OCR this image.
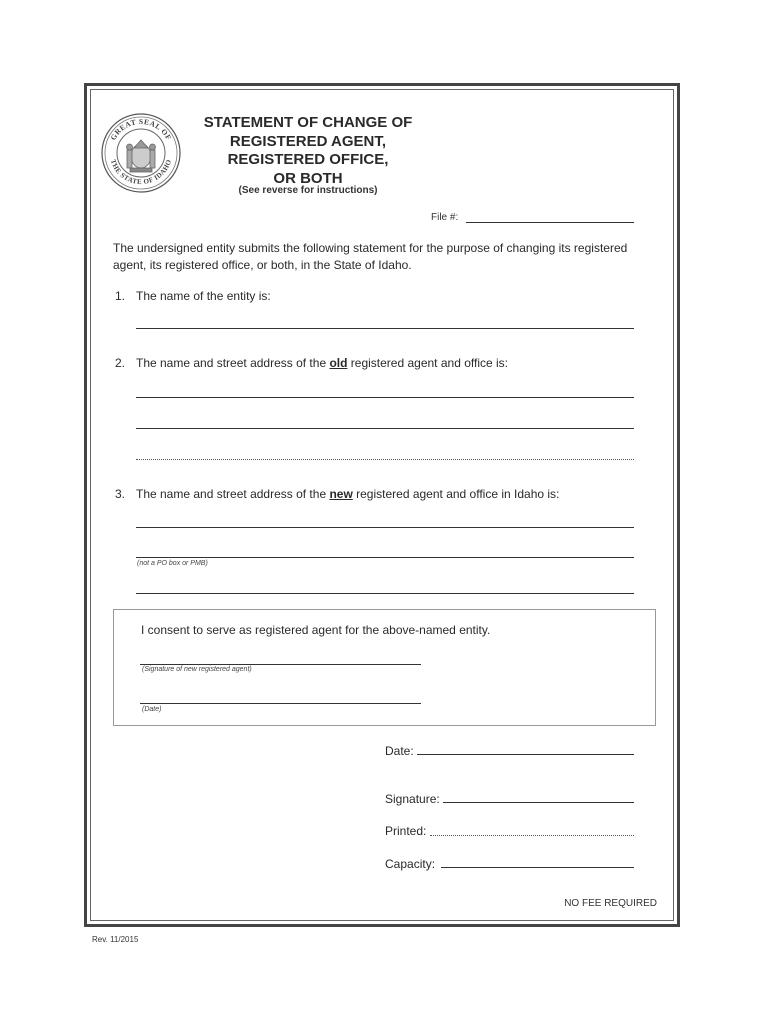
GREAT SEAL OF
THE STATE OF IDAHO
STATEMENT OF CHANGE OF
REGISTERED AGENT,
REGISTERED OFFICE,
OR BOTH
(See reverse for instructions)
File #:
The undersigned entity submits the following statement for the purpose of changing its registered agent, its registered office, or both, in the State of Idaho.
1. The name of the entity is:
2. The name and street address of the old registered agent and office is:
3. The name and street address of the new registered agent and office in Idaho is:
(not a PO box or PMB)
I consent to serve as registered agent for the above-named entity.
(Signature of new registered agent)
(Date)
Date:
Signature:
Printed:
Capacity:
NO FEE REQUIRED
Rev. 11/2015
